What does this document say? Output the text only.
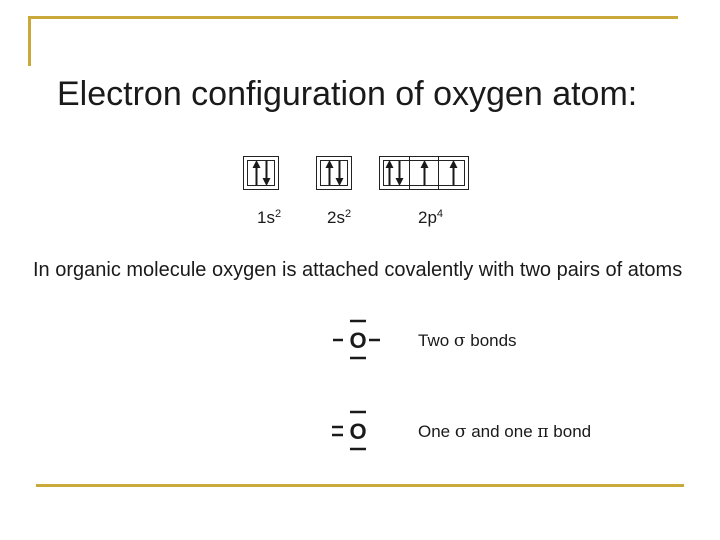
Electron configuration of oxygen atom:
$1s^2$	$2s^2$	$2p^4$
In organic molecule oxygen is attached covalently with two pairs of atoms
O	Two σ bonds
O	One σ and one π bond
